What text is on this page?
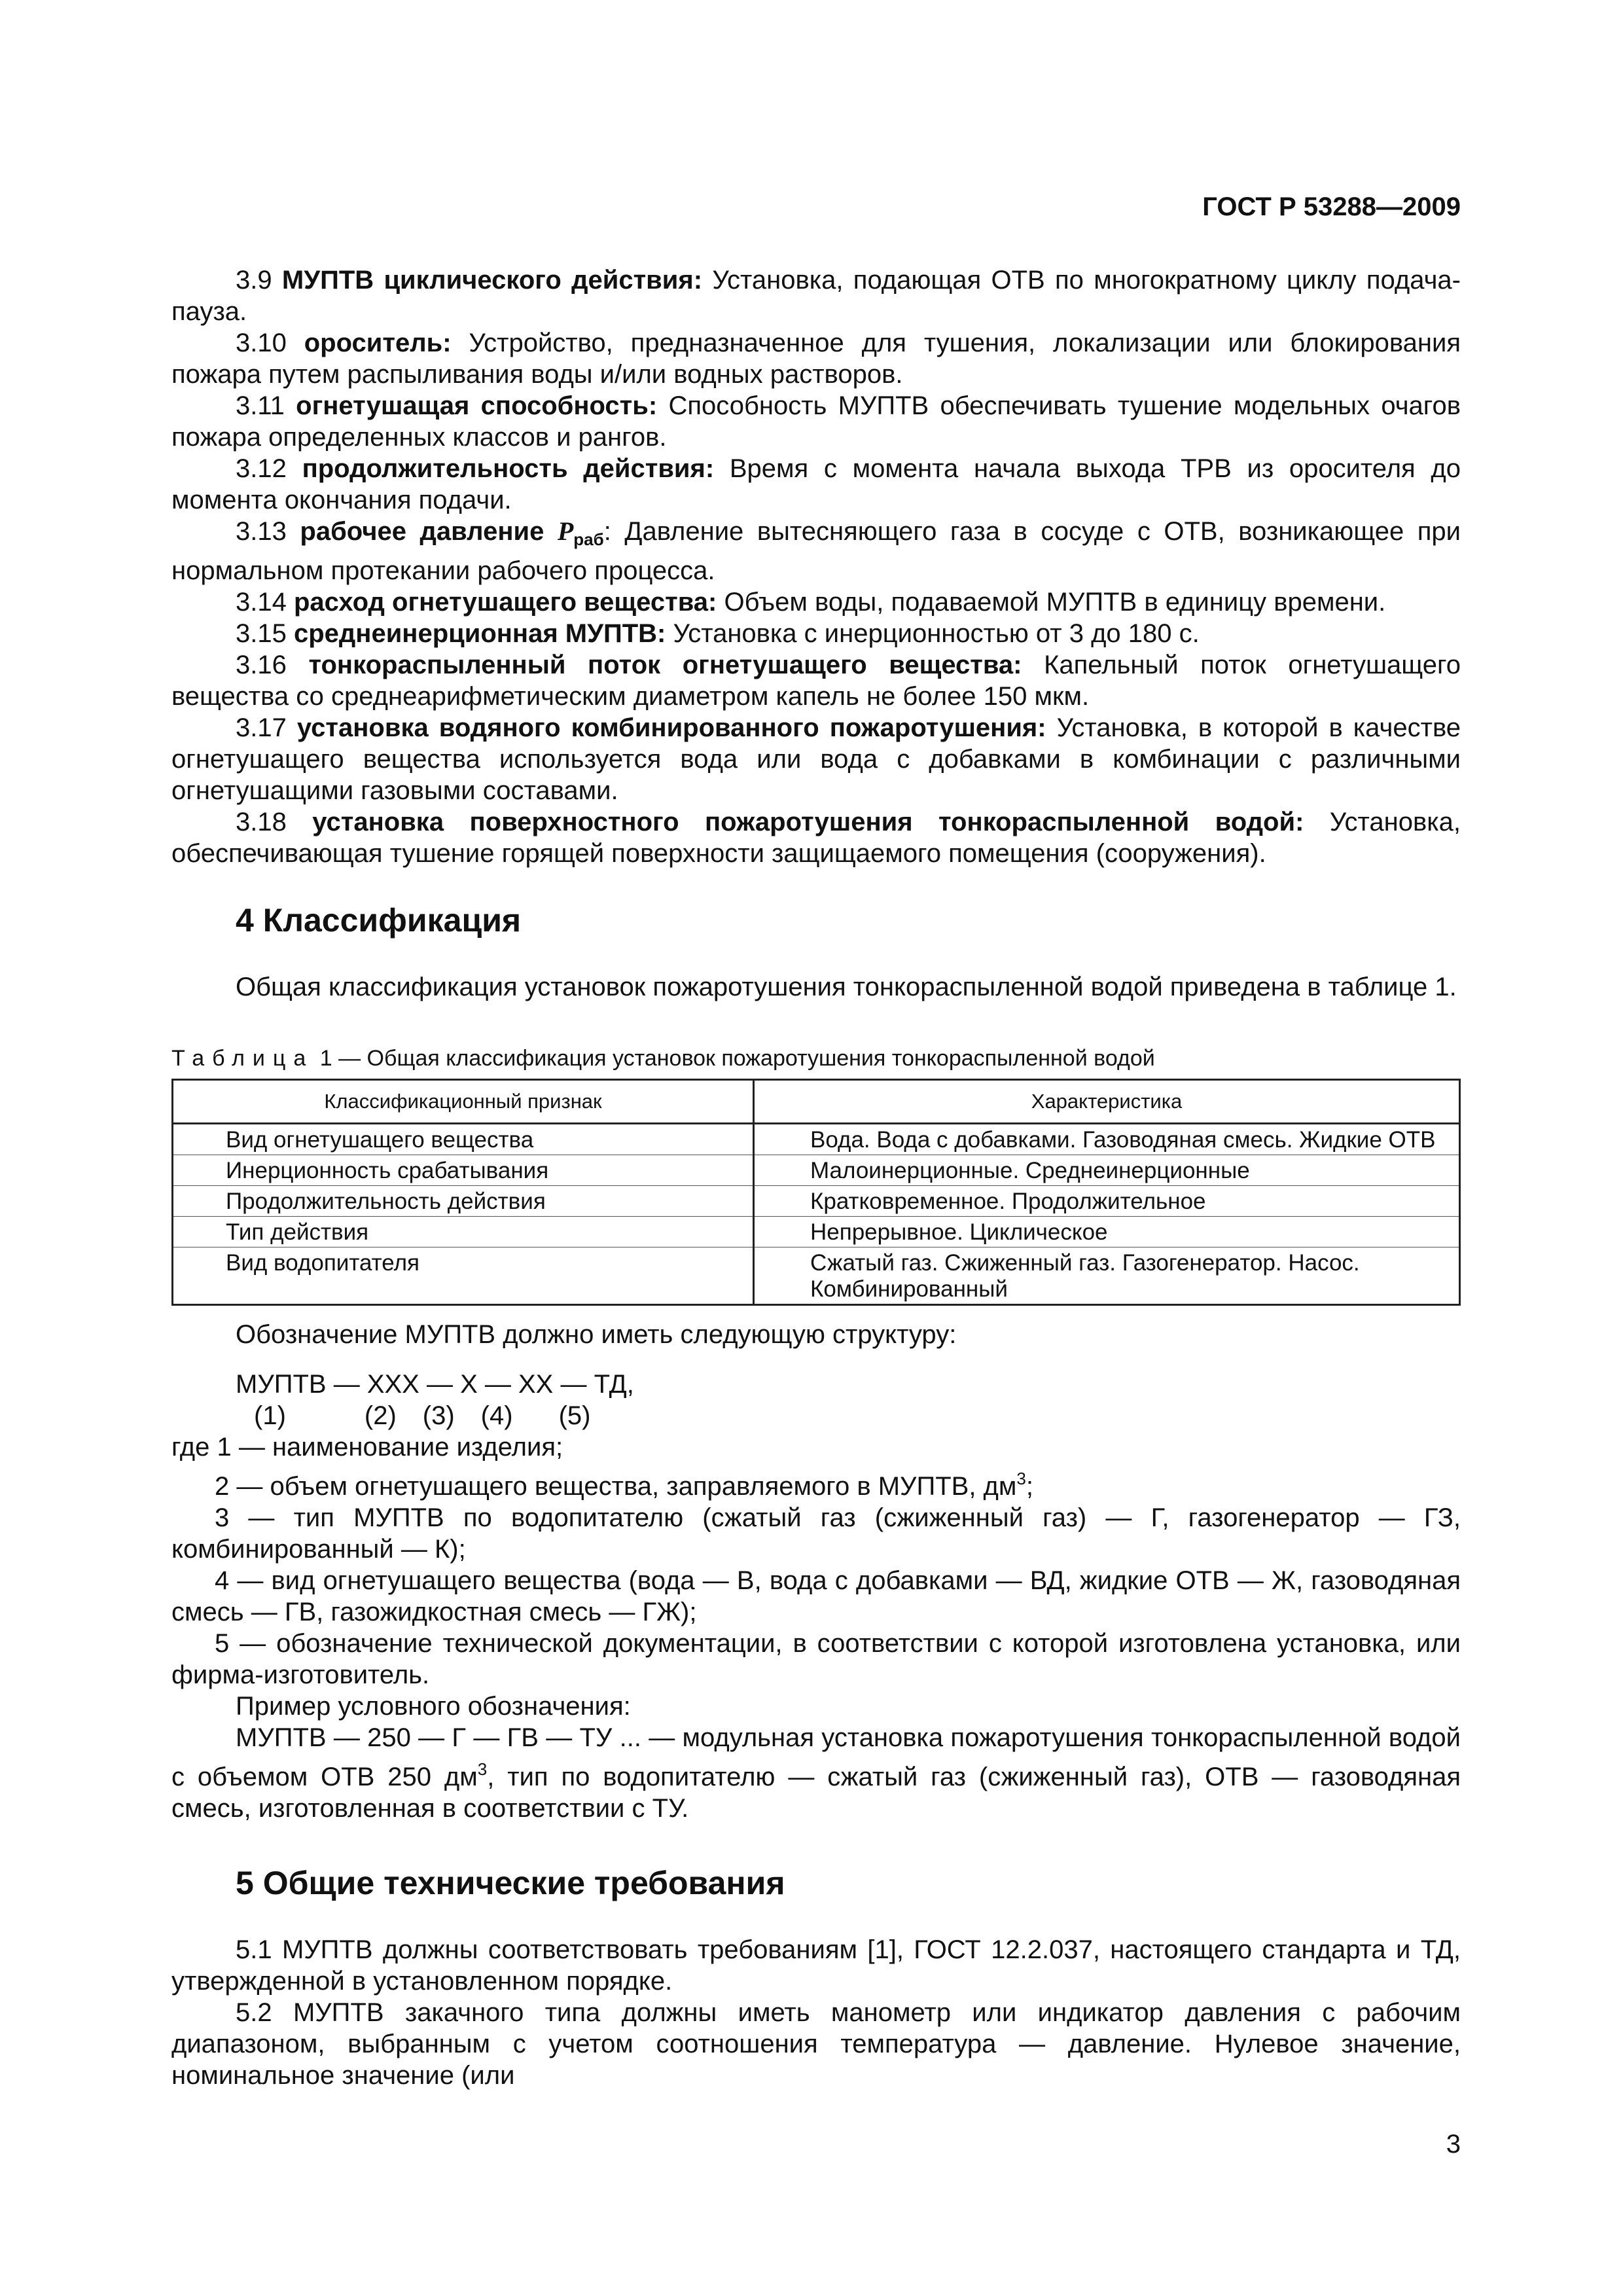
ГОСТ Р 53288—2009

3.9 МУПТВ циклического действия: Установка, подающая ОТВ по многократному циклу подача-пауза.

3.10 ороситель: Устройство, предназначенное для тушения, локализации или блокирования пожара путем распыливания воды и/или водных растворов.

3.11 огнетушащая способность: Способность МУПТВ обеспечивать тушение модельных очагов пожара определенных классов и рангов.

3.12 продолжительность действия: Время с момента начала выхода ТРВ из оросителя до момента окончания подачи.

3.13 рабочее давление $P_{раб}$: Давление вытесняющего газа в сосуде с ОТВ, возникающее при нормальном протекании рабочего процесса.

3.14 расход огнетушащего вещества: Объем воды, подаваемой МУПТВ в единицу времени.

3.15 среднеинерционная МУПТВ: Установка с инерционностью от 3 до 180 с.

3.16 тонкораспыленный поток огнетушащего вещества: Капельный поток огнетушащего вещества со среднеарифметическим диаметром капель не более 150 мкм.

3.17 установка водяного комбинированного пожаротушения: Установка, в которой в качестве огнетушащего вещества используется вода или вода с добавками в комбинации с различными огнетушащими газовыми составами.

3.18 установка поверхностного пожаротушения тонкораспыленной водой: Установка, обеспечивающая тушение горящей поверхности защищаемого помещения (сооружения).

4 Классификация

Общая классификация установок пожаротушения тонкораспыленной водой приведена в таблице 1.

Таблица 1 — Общая классификация установок пожаротушения тонкораспыленной водой
Классификационный признак	Характеристика
Вид огнетушащего вещества	Вода. Вода с добавками. Газоводяная смесь. Жидкие ОТВ
Инерционность срабатывания	Малоинерционные. Среднеинерционные
Продолжительность действия	Кратковременное. Продолжительное
Тип действия	Непрерывное. Циклическое
Вид водопитателя	Сжатый газ. Сжиженный газ. Газогенератор. Насос. Комбинированный

Обозначение МУПТВ должно иметь следующую структуру:

МУПТВ — ХХХ — Х — ХХ — ТД,
(1)	(2) (3) (4) (5)

где 1 — наименование изделия;

2 — объем огнетушащего вещества, заправляемого в МУПТВ, $дм^3$;

3 — тип МУПТВ по водопитателю (сжатый газ (сжиженный газ) — Г, газогенератор — ГЗ, комбинированный — К);

4 — вид огнетушащего вещества (вода — В, вода с добавками — ВД, жидкие ОТВ — Ж, газоводяная смесь — ГВ, газожидкостная смесь — ГЖ);

5 — обозначение технической документации, в соответствии с которой изготовлена установка, или фирма-изготовитель.

Пример условного обозначения:

МУПТВ — 250 — Г — ГВ — ТУ ... — модульная установка пожаротушения тонкораспыленной водой с объемом ОТВ 250 $дм^3$, тип по водопитателю — сжатый газ (сжиженный газ), ОТВ — газоводяная смесь, изготовленная в соответствии с ТУ.

5 Общие технические требования

5.1 МУПТВ должны соответствовать требованиям [1], ГОСТ 12.2.037, настоящего стандарта и ТД, утвержденной в установленном порядке.

5.2 МУПТВ закачного типа должны иметь манометр или индикатор давления с рабочим диапазоном, выбранным с учетом соотношения температура — давление. Нулевое значение, номинальное значение (или

3
